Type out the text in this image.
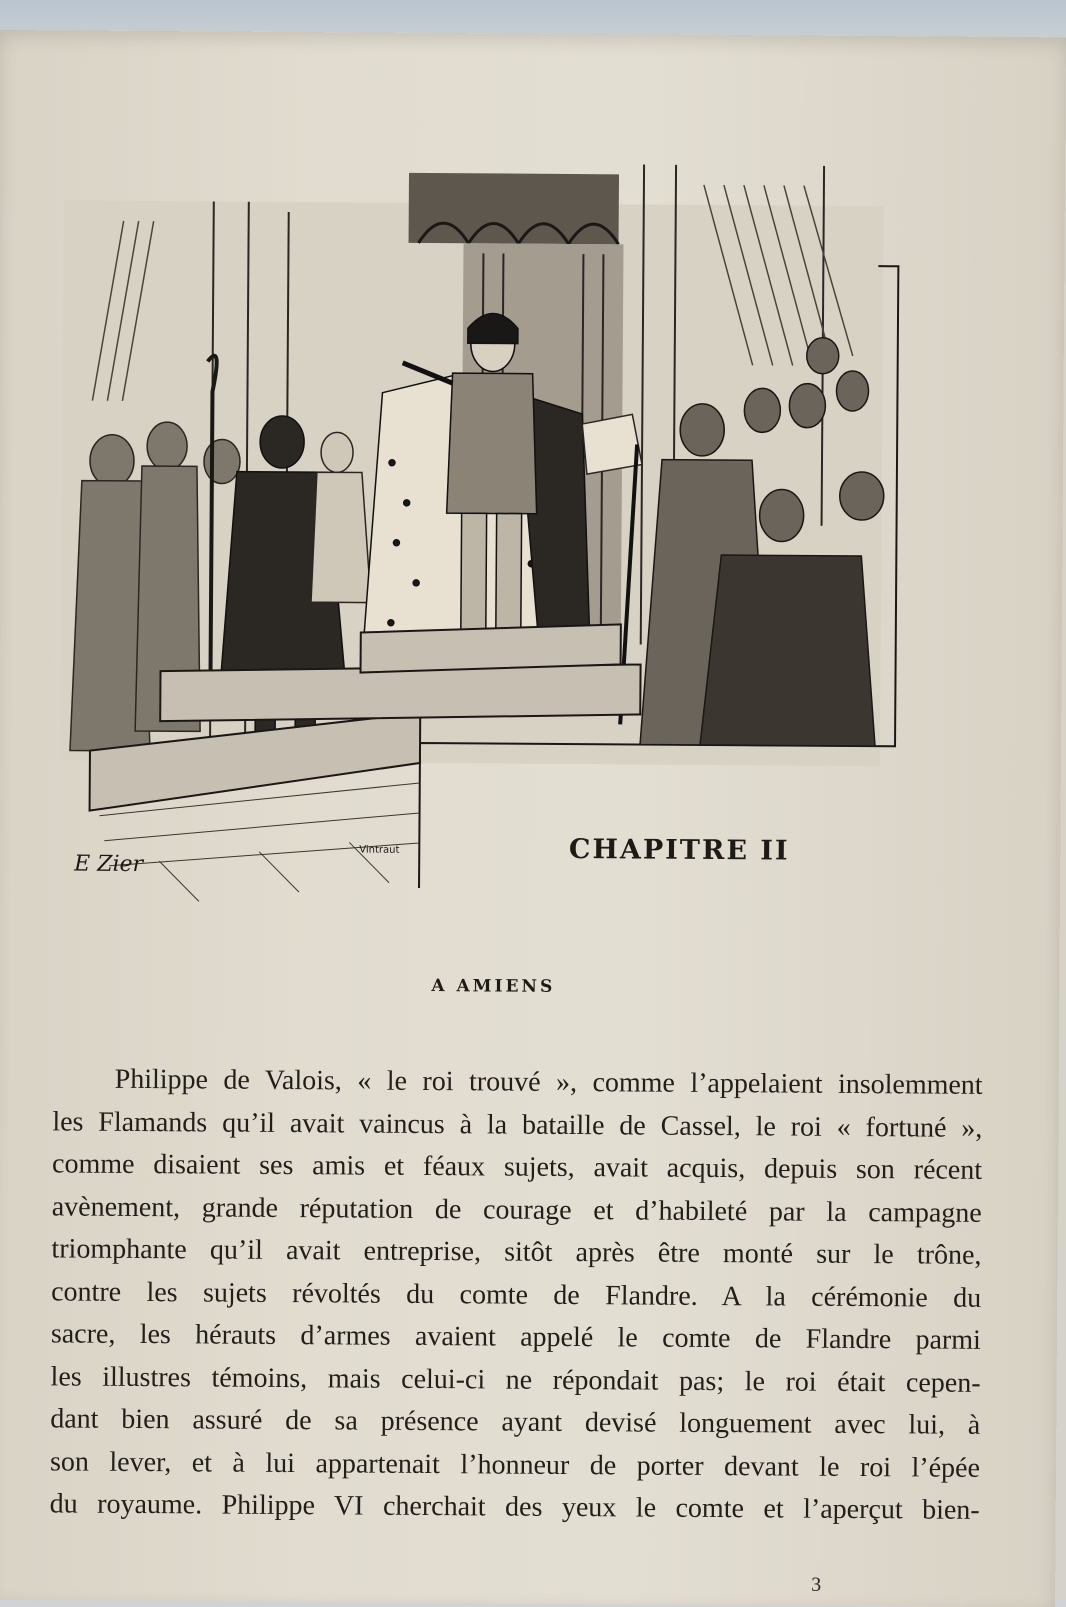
E Zier
Vintraut	CHAPITRE II
A AMIENS
Philippe de Valois, « le roi trouvé », comme l’appelaient insolemment
les Flamands qu’il avait vaincus à la bataille de Cassel, le roi « fortuné »,
comme disaient ses amis et féaux sujets, avait acquis, depuis son récent
avènement, grande réputation de courage et d’habileté par la campagne
triomphante qu’il avait entreprise, sitôt après être monté sur le trône,
contre les sujets révoltés du comte de Flandre. A la cérémonie du
sacre, les hérauts d’armes avaient appelé le comte de Flandre parmi
les illustres témoins, mais celui-ci ne répondait pas; le roi était cepen-
dant bien assuré de sa présence ayant devisé longuement avec lui, à
son lever, et à lui appartenait l’honneur de porter devant le roi l’épée
du royaume. Philippe VI cherchait des yeux le comte et l’aperçut bien-
3
